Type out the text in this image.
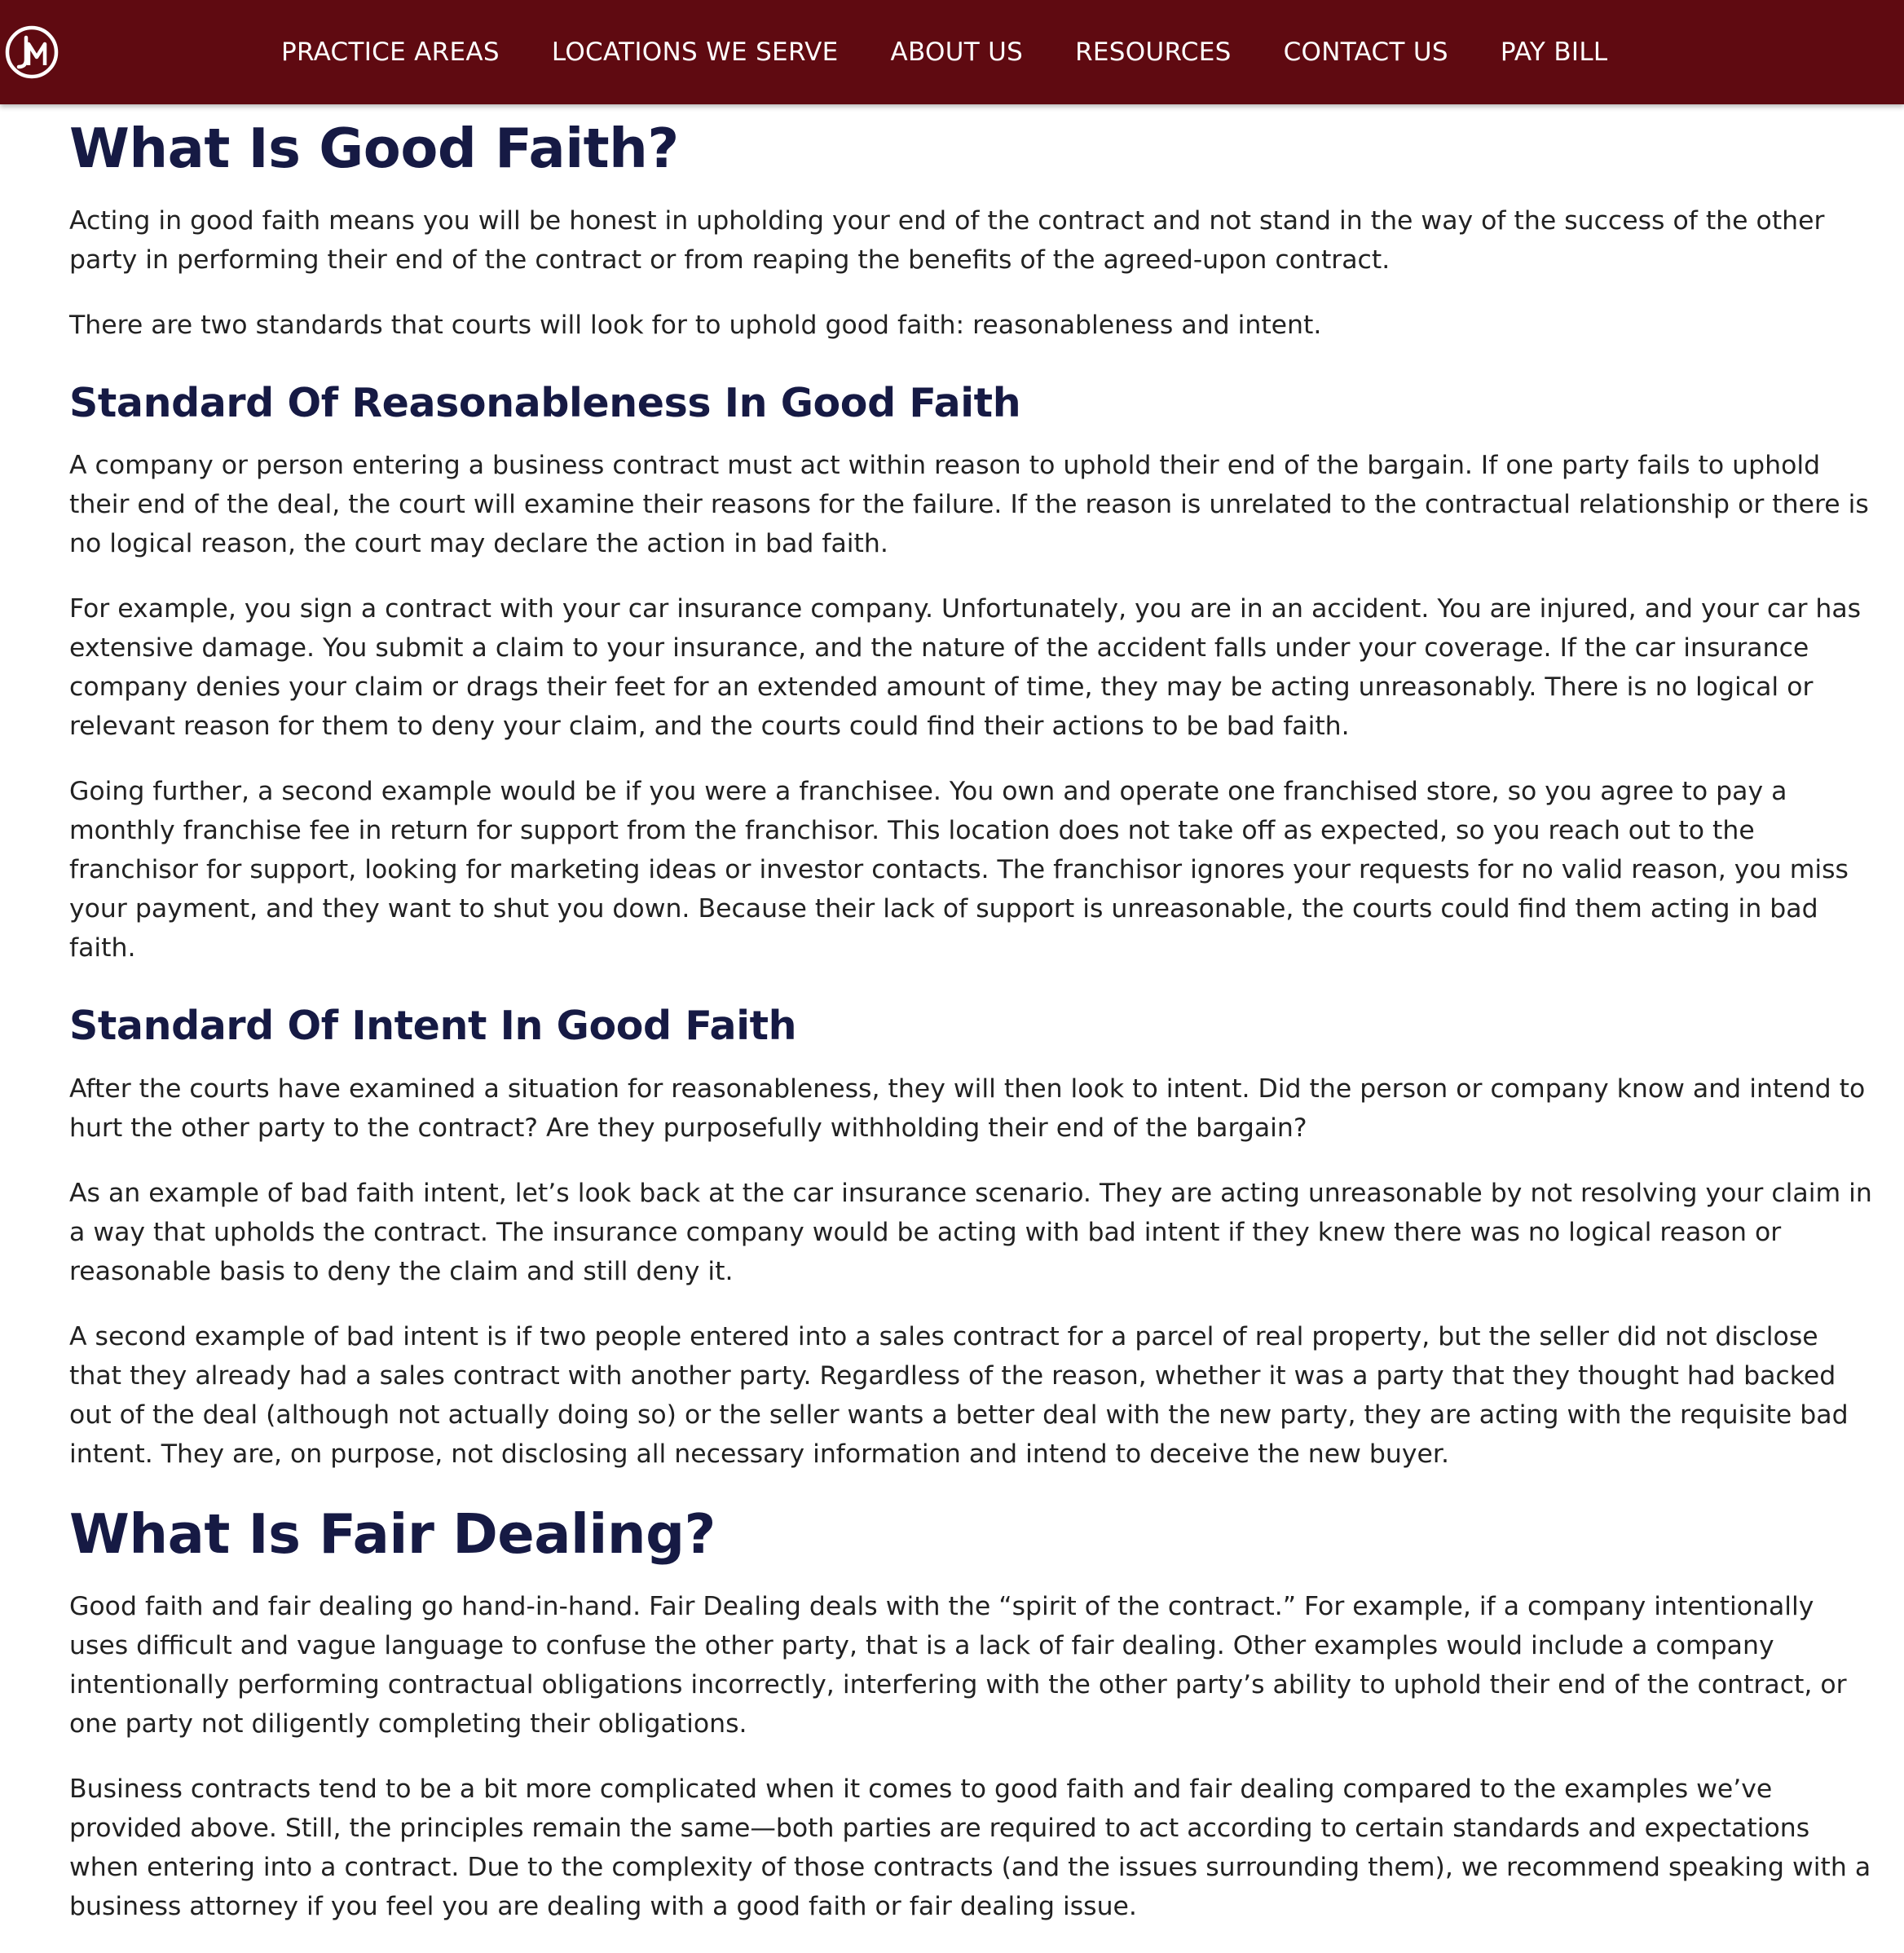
PRACTICE AREAS LOCATIONS WE SERVE ABOUT US RESOURCES CONTACT US PAY BILL
What Is Good Faith?

Acting in good faith means you will be honest in upholding your end of the contract and not stand in the way of the success of the other party in performing their end of the contract or from reaping the benefits of the agreed-upon contract.

There are two standards that courts will look for to uphold good faith: reasonableness and intent.

Standard Of Reasonableness In Good Faith

A company or person entering a business contract must act within reason to uphold their end of the bargain. If one party fails to uphold their end of the deal, the court will examine their reasons for the failure. If the reason is unrelated to the contractual relationship or there is no logical reason, the court may declare the action in bad faith.

For example, you sign a contract with your car insurance company. Unfortunately, you are in an accident. You are injured, and your car has extensive damage. You submit a claim to your insurance, and the nature of the accident falls under your coverage. If the car insurance company denies your claim or drags their feet for an extended amount of time, they may be acting unreasonably. There is no logical or relevant reason for them to deny your claim, and the courts could find their actions to be bad faith.

Going further, a second example would be if you were a franchisee. You own and operate one franchised store, so you agree to pay a monthly franchise fee in return for support from the franchisor. This location does not take off as expected, so you reach out to the franchisor for support, looking for marketing ideas or investor contacts. The franchisor ignores your requests for no valid reason, you miss your payment, and they want to shut you down. Because their lack of support is unreasonable, the courts could find them acting in bad faith.

Standard Of Intent In Good Faith

After the courts have examined a situation for reasonableness, they will then look to intent. Did the person or company know and intend to hurt the other party to the contract? Are they purposefully withholding their end of the bargain?

As an example of bad faith intent, let’s look back at the car insurance scenario. They are acting unreasonable by not resolving your claim in a way that upholds the contract. The insurance company would be acting with bad intent if they knew there was no logical reason or reasonable basis to deny the claim and still deny it.

A second example of bad intent is if two people entered into a sales contract for a parcel of real property, but the seller did not disclose that they already had a sales contract with another party. Regardless of the reason, whether it was a party that they thought had backed out of the deal (although not actually doing so) or the seller wants a better deal with the new party, they are acting with the requisite bad intent. They are, on purpose, not disclosing all necessary information and intend to deceive the new buyer.

What Is Fair Dealing?

Good faith and fair dealing go hand-in-hand. Fair Dealing deals with the “spirit of the contract.” For example, if a company intentionally uses difficult and vague language to confuse the other party, that is a lack of fair dealing. Other examples would include a company intentionally performing contractual obligations incorrectly, interfering with the other party’s ability to uphold their end of the contract, or one party not diligently completing their obligations.

Business contracts tend to be a bit more complicated when it comes to good faith and fair dealing compared to the examples we’ve provided above. Still, the principles remain the same—both parties are required to act according to certain standards and expectations when entering into a contract. Due to the complexity of those contracts (and the issues surrounding them), we recommend speaking with a business attorney if you feel you are dealing with a good faith or fair dealing issue.
